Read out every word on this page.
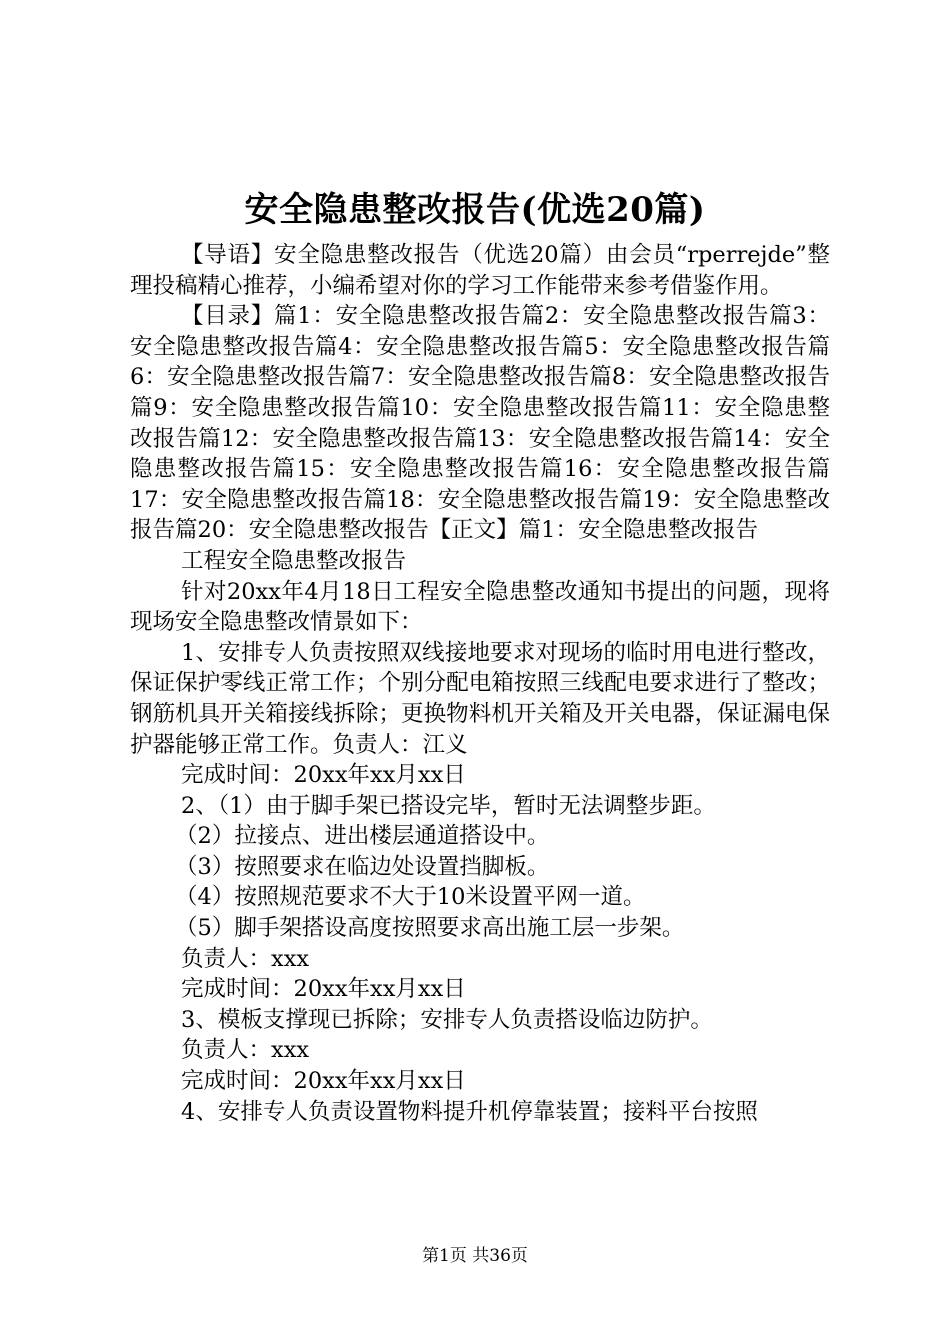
安全隐患整改报告(优选20篇)

【导语】安全隐患整改报告（优选20篇）由会员“rperrejde”整理投稿精心推荐，小编希望对你的学习工作能带来参考借鉴作用。

【目录】篇1：安全隐患整改报告篇2：安全隐患整改报告篇3：安全隐患整改报告篇4：安全隐患整改报告篇5：安全隐患整改报告篇6：安全隐患整改报告篇7：安全隐患整改报告篇8：安全隐患整改报告篇9：安全隐患整改报告篇10：安全隐患整改报告篇11：安全隐患整改报告篇12：安全隐患整改报告篇13：安全隐患整改报告篇14：安全隐患整改报告篇15：安全隐患整改报告篇16：安全隐患整改报告篇17：安全隐患整改报告篇18：安全隐患整改报告篇19：安全隐患整改报告篇20：安全隐患整改报告【正文】篇1：安全隐患整改报告

工程安全隐患整改报告

针对20xx年4月18日工程安全隐患整改通知书提出的问题，现将现场安全隐患整改情景如下：

1、安排专人负责按照双线接地要求对现场的临时用电进行整改，保证保护零线正常工作；个别分配电箱按照三线配电要求进行了整改；钢筋机具开关箱接线拆除；更换物料机开关箱及开关电器，保证漏电保护器能够正常工作。负责人：江义

完成时间：20xx年xx月xx日

2、（1）由于脚手架已搭设完毕，暂时无法调整步距。

（2）拉接点、进出楼层通道搭设中。

（3）按照要求在临边处设置挡脚板。

（4）按照规范要求不大于10米设置平网一道。

（5）脚手架搭设高度按照要求高出施工层一步架。

负责人：xxx

完成时间：20xx年xx月xx日

3、模板支撑现已拆除；安排专人负责搭设临边防护。

负责人：xxx

完成时间：20xx年xx月xx日

4、安排专人负责设置物料提升机停靠装置；接料平台按照

第1页 共36页
